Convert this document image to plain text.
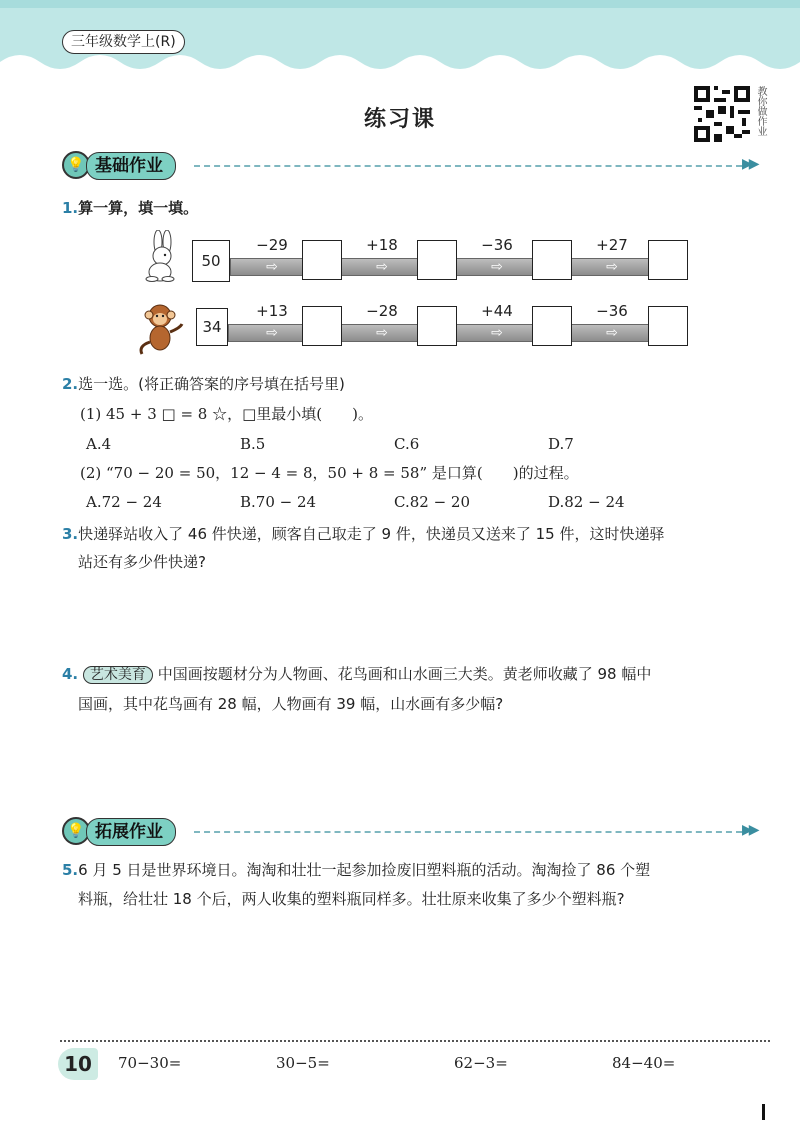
三年级数学上(R)
练习课	教你做作业
💡 基础作业	▶▶
1.算一算，填一填。
50
−29
⇨
+18
⇨
−36
⇨
+27
⇨
34
+13
⇨
−28
⇨
+44
⇨
−36
⇨
2.选一选。(将正确答案的序号填在括号里)
(1) 45 + 3 □ = 8 ☆，□里最小填(　　)。
A.4	B.5	C.6	D.7
(2) “70 − 20 = 50，12 − 4 = 8，50 + 8 = 58” 是口算(　　)的过程。
A.72 − 24	B.70 − 24	C.82 − 20	D.82 − 24
3.快递驿站收入了 46 件快递，顾客自己取走了 9 件，快递员又送来了 15 件，这时快递驿
站还有多少件快递?
4. 艺术美育 中国画按题材分为人物画、花鸟画和山水画三大类。黄老师收藏了 98 幅中
国画，其中花鸟画有 28 幅，人物画有 39 幅，山水画有多少幅?
💡 拓展作业	▶▶
5.6 月 5 日是世界环境日。淘淘和壮壮一起参加捡废旧塑料瓶的活动。淘淘捡了 86 个塑
料瓶，给壮壮 18 个后，两人收集的塑料瓶同样多。壮壮原来收集了多少个塑料瓶?
10	70−30=	30−5=	62−3=	84−40=
